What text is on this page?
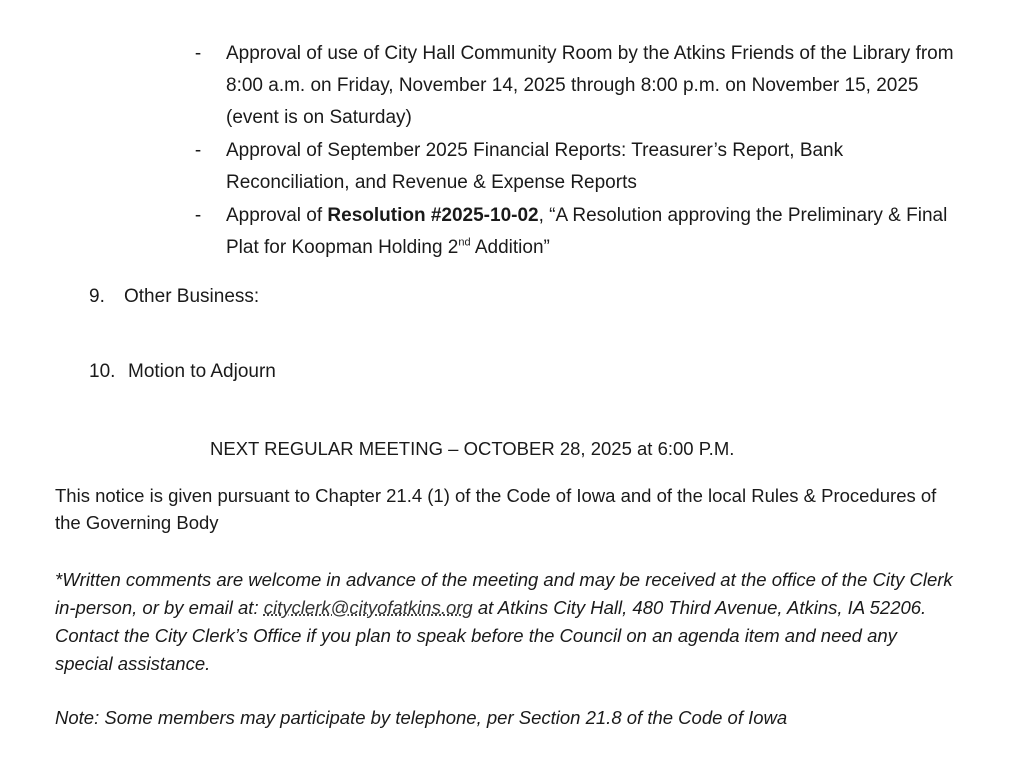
- Approval of use of City Hall Community Room by the Atkins Friends of the Library from 8:00 a.m. on Friday, November 14, 2025 through 8:00 p.m. on November 15, 2025 (event is on Saturday)
- Approval of September 2025 Financial Reports: Treasurer’s Report, Bank Reconciliation, and Revenue & Expense Reports
- Approval of Resolution #2025-10-02, “A Resolution approving the Preliminary & Final Plat for Koopman Holding 2nd Addition”
9. Other Business:
10. Motion to Adjourn
NEXT REGULAR MEETING – OCTOBER 28, 2025 at 6:00 P.M.
This notice is given pursuant to Chapter 21.4 (1) of the Code of Iowa and of the local Rules & Procedures of the Governing Body
*Written comments are welcome in advance of the meeting and may be received at the office of the City Clerk in-person, or by email at: cityclerk@cityofatkins.org at Atkins City Hall, 480 Third Avenue, Atkins, IA 52206. Contact the City Clerk’s Office if you plan to speak before the Council on an agenda item and need any special assistance.
Note: Some members may participate by telephone, per Section 21.8 of the Code of Iowa
